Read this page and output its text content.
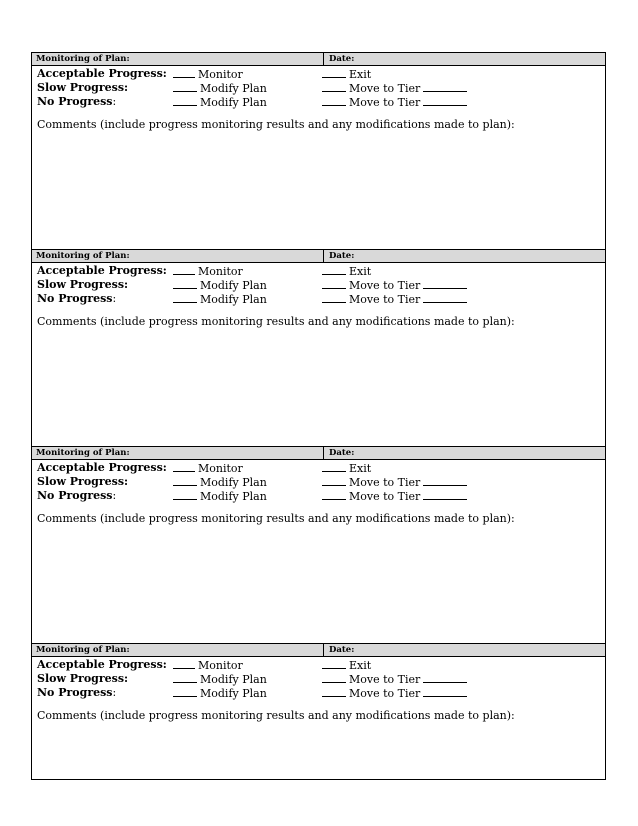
Monitoring of Plan:	Date:
Acceptable Progress:	Monitor	Exit
Slow Progress:	Modify Plan	Move to Tier
No Progress:	Modify Plan	Move to Tier
Comments (include progress monitoring results and any modifications made to plan):
Monitoring of Plan:	Date:
Acceptable Progress:	Monitor	Exit
Slow Progress:	Modify Plan	Move to Tier
No Progress:	Modify Plan	Move to Tier
Comments (include progress monitoring results and any modifications made to plan):
Monitoring of Plan:	Date:
Acceptable Progress:	Monitor	Exit
Slow Progress:	Modify Plan	Move to Tier
No Progress:	Modify Plan	Move to Tier
Comments (include progress monitoring results and any modifications made to plan):
Monitoring of Plan:	Date:
Acceptable Progress:	Monitor	Exit
Slow Progress:	Modify Plan	Move to Tier
No Progress:	Modify Plan	Move to Tier
Comments (include progress monitoring results and any modifications made to plan):
